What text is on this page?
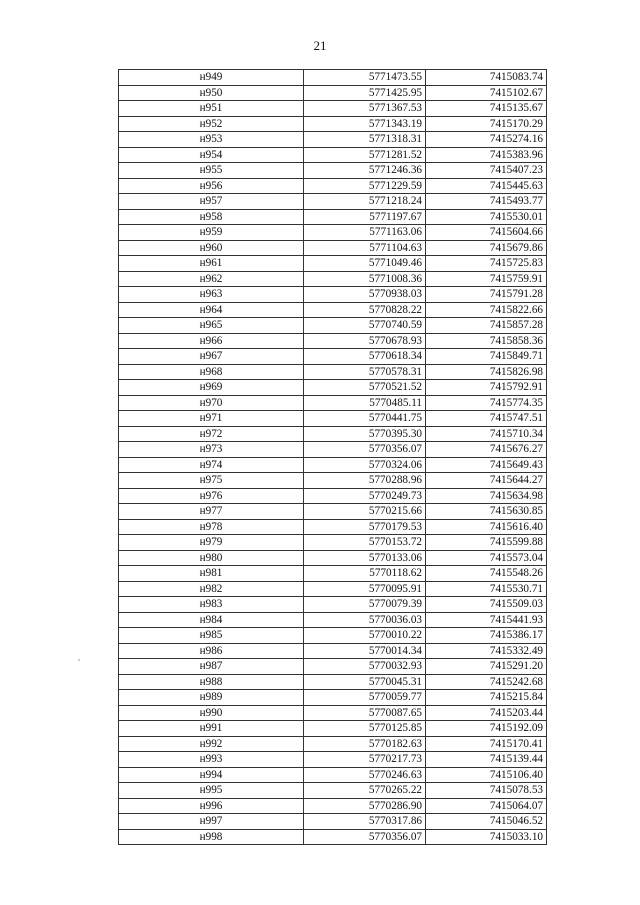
21
н949	5771473.55	7415083.74
н950	5771425.95	7415102.67
н951	5771367.53	7415135.67
н952	5771343.19	7415170.29
н953	5771318.31	7415274.16
н954	5771281.52	7415383.96
н955	5771246.36	7415407.23
н956	5771229.59	7415445.63
н957	5771218.24	7415493.77
н958	5771197.67	7415530.01
н959	5771163.06	7415604.66
н960	5771104.63	7415679.86
н961	5771049.46	7415725.83
н962	5771008.36	7415759.91
н963	5770938.03	7415791.28
н964	5770828.22	7415822.66
н965	5770740.59	7415857.28
н966	5770678.93	7415858.36
н967	5770618.34	7415849.71
н968	5770578.31	7415826.98
н969	5770521.52	7415792.91
н970	5770485.11	7415774.35
н971	5770441.75	7415747.51
н972	5770395.30	7415710.34
н973	5770356.07	7415676.27
н974	5770324.06	7415649.43
н975	5770288.96	7415644.27
н976	5770249.73	7415634.98
н977	5770215.66	7415630.85
н978	5770179.53	7415616.40
н979	5770153.72	7415599.88
н980	5770133.06	7415573.04
н981	5770118.62	7415548.26
н982	5770095.91	7415530.71
н983	5770079.39	7415509.03
н984	5770036.03	7415441.93
н985	5770010.22	7415386.17
н986	5770014.34	7415332.49
н987	5770032.93	7415291.20
н988	5770045.31	7415242.68
н989	5770059.77	7415215.84
н990	5770087.65	7415203.44
н991	5770125.85	7415192.09
н992	5770182.63	7415170.41
н993	5770217.73	7415139.44
н994	5770246.63	7415106.40
н995	5770265.22	7415078.53
н996	5770286.90	7415064.07
н997	5770317.86	7415046.52
н998	5770356.07	7415033.10
